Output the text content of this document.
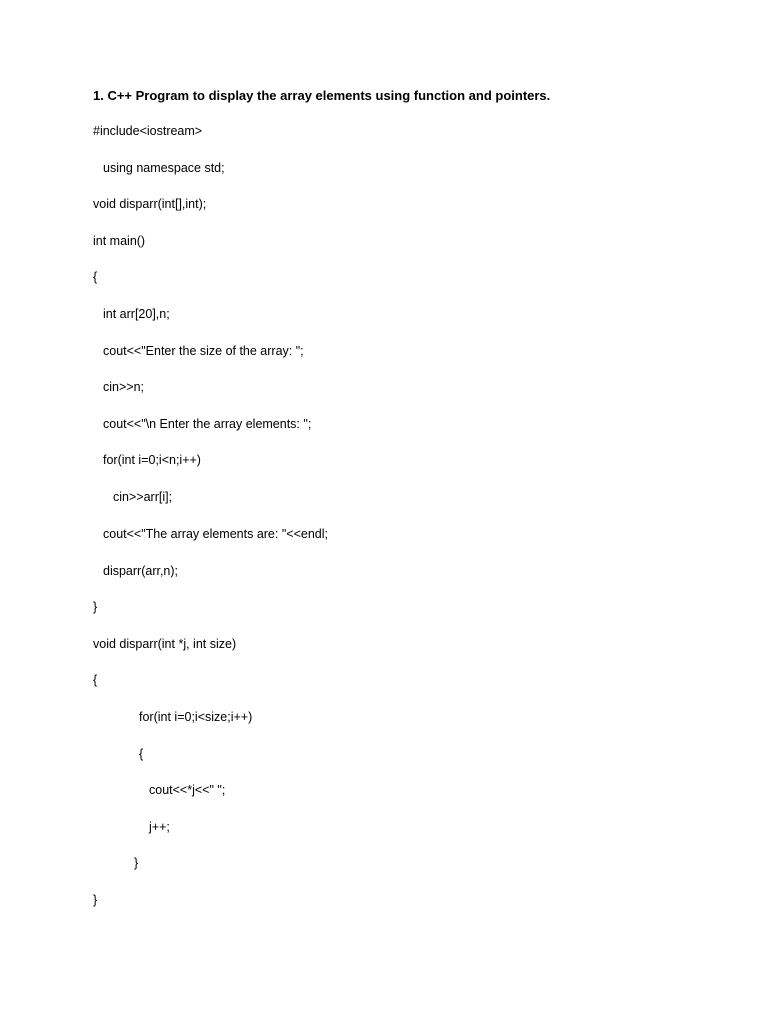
1. C++ Program to display the array elements using function and pointers.
#include<iostream>
using namespace std;
void disparr(int[],int);
int main()
{
int arr[20],n;
cout<<"Enter the size of the array: ";
cin>>n;
cout<<"\n Enter the array elements: ";
for(int i=0;i<n;i++)
cin>>arr[i];
cout<<"The array elements are: "<<endl;
disparr(arr,n);
}
void disparr(int *j, int size)
{
for(int i=0;i<size;i++)
{
cout<<*j<<" ";
j++;
}
}
